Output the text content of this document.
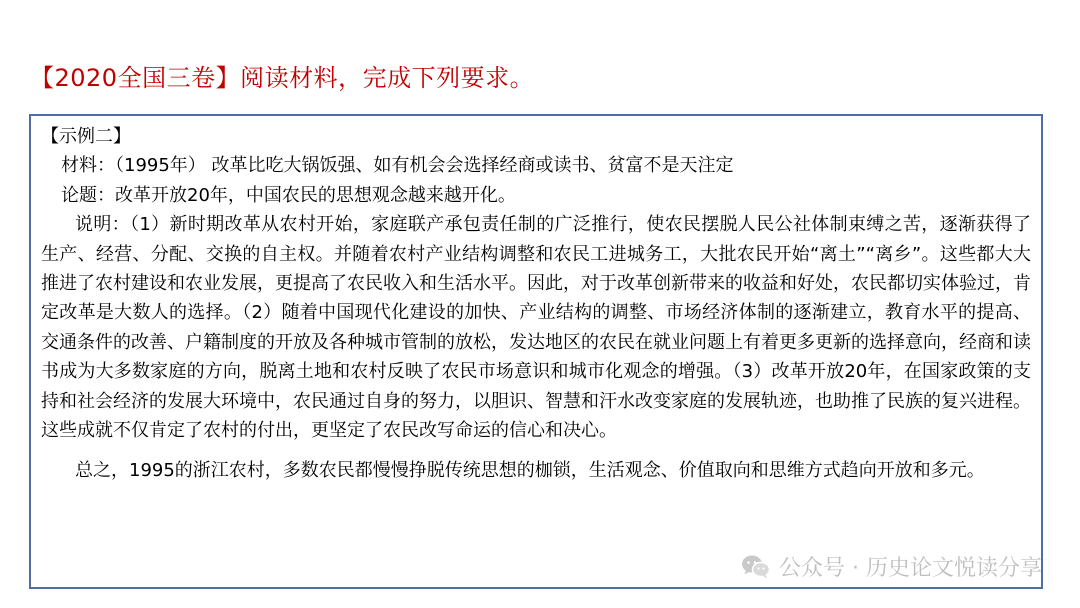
【2020全国三卷】阅读材料，完成下列要求。

【示例二】

材料：（1995年） 改革比吃大锅饭强、如有机会会选择经商或读书、贫富不是天注定

论题：改革开放20年，中国农民的思想观念越来越开化。

说明：（1）新时期改革从农村开始，家庭联产承包责任制的广泛推行，使农民摆脱人民公社体制束缚之苦，逐渐获得了生产、经营、分配、交换的自主权。并随着农村产业结构调整和农民工进城务工，大批农民开始“离土”“离乡”。这些都大大推进了农村建设和农业发展，更提高了农民收入和生活水平。因此，对于改革创新带来的收益和好处，农民都切实体验过，肯定改革是大数人的选择。（2）随着中国现代化建设的加快、产业结构的调整、市场经济体制的逐渐建立，教育水平的提高、交通条件的改善、户籍制度的开放及各种城市管制的放松，发达地区的农民在就业问题上有着更多更新的选择意向，经商和读书成为大多数家庭的方向，脱离土地和农村反映了农民市场意识和城市化观念的增强。（3）改革开放20年，在国家政策的支持和社会经济的发展大环境中，农民通过自身的努力，以胆识、智慧和汗水改变家庭的发展轨迹，也助推了民族的复兴进程。这些成就不仅肯定了农村的付出，更坚定了农民改写命运的信心和决心。

总之，1995的浙江农村，多数农民都慢慢挣脱传统思想的枷锁，生活观念、价值取向和思维方式趋向开放和多元。

公众号 · 历史论文悦读分享
